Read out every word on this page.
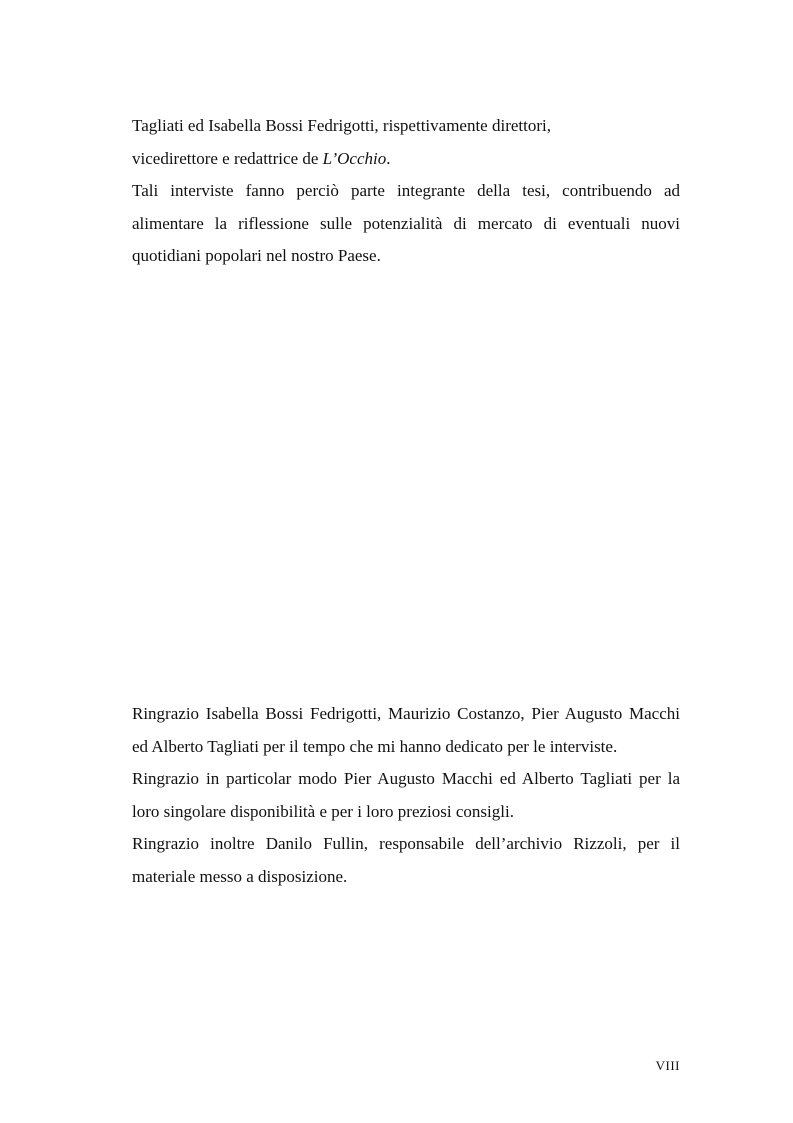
Tagliati ed Isabella Bossi Fedrigotti, rispettivamente direttori,
vicedirettore e redattrice de L’Occhio.

Tali interviste fanno perciò parte integrante della tesi, contribuendo ad alimentare la riflessione sulle potenzialità di mercato di eventuali nuovi quotidiani popolari nel nostro Paese.

Ringrazio Isabella Bossi Fedrigotti, Maurizio Costanzo, Pier Augusto Macchi ed Alberto Tagliati per il tempo che mi hanno dedicato per le interviste.

Ringrazio in particolar modo Pier Augusto Macchi ed Alberto Tagliati per la loro singolare disponibilità e per i loro preziosi consigli.

Ringrazio inoltre Danilo Fullin, responsabile dell’archivio Rizzoli, per il materiale messo a disposizione.

VIII
